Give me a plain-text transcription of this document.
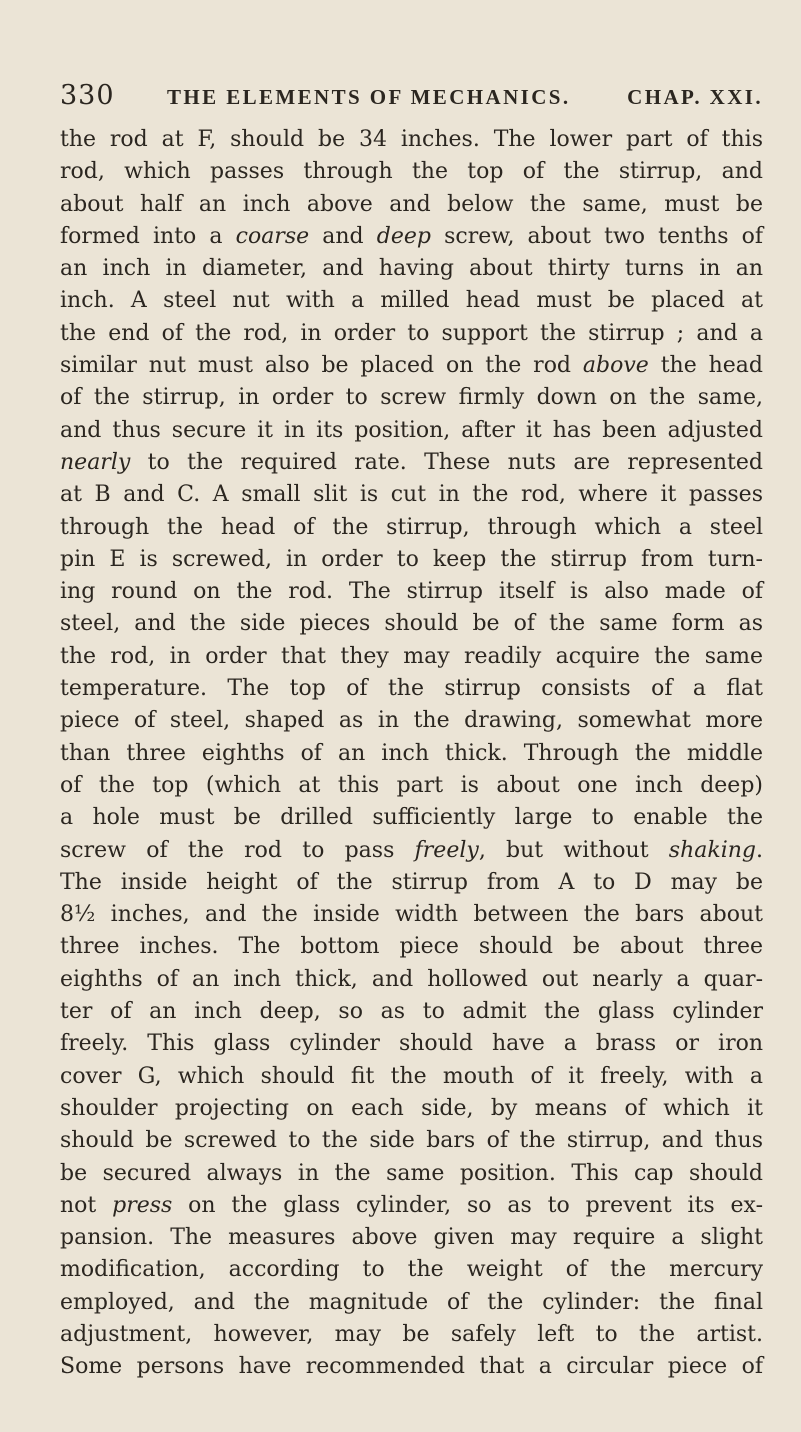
330	THE ELEMENTS OF MECHANICS.	CHAP. XXI.
the rod at F, should be 34 inches. The lower part of this
rod, which passes through the top of the stirrup, and
about half an inch above and below the same, must be
formed into a coarse and deep screw, about two tenths of
an inch in diameter, and having about thirty turns in an
inch. A steel nut with a milled head must be placed at
the end of the rod, in order to support the stirrup ; and a
similar nut must also be placed on the rod above the head
of the stirrup, in order to screw firmly down on the same,
and thus secure it in its position, after it has been adjusted
nearly to the required rate. These nuts are represented
at B and C. A small slit is cut in the rod, where it passes
through the head of the stirrup, through which a steel
pin E is screwed, in order to keep the stirrup from turn-
ing round on the rod. The stirrup itself is also made of
steel, and the side pieces should be of the same form as
the rod, in order that they may readily acquire the same
temperature. The top of the stirrup consists of a flat
piece of steel, shaped as in the drawing, somewhat more
than three eighths of an inch thick. Through the middle
of the top (which at this part is about one inch deep)
a hole must be drilled sufficiently large to enable the
screw of the rod to pass freely, but without shaking.
The inside height of the stirrup from A to D may be
8½ inches, and the inside width between the bars about
three inches. The bottom piece should be about three
eighths of an inch thick, and hollowed out nearly a quar-
ter of an inch deep, so as to admit the glass cylinder
freely. This glass cylinder should have a brass or iron
cover G, which should fit the mouth of it freely, with a
shoulder projecting on each side, by means of which it
should be screwed to the side bars of the stirrup, and thus
be secured always in the same position. This cap should
not press on the glass cylinder, so as to prevent its ex-
pansion. The measures above given may require a slight
modification, according to the weight of the mercury
employed, and the magnitude of the cylinder: the final
adjustment, however, may be safely left to the artist.
Some persons have recommended that a circular piece of
